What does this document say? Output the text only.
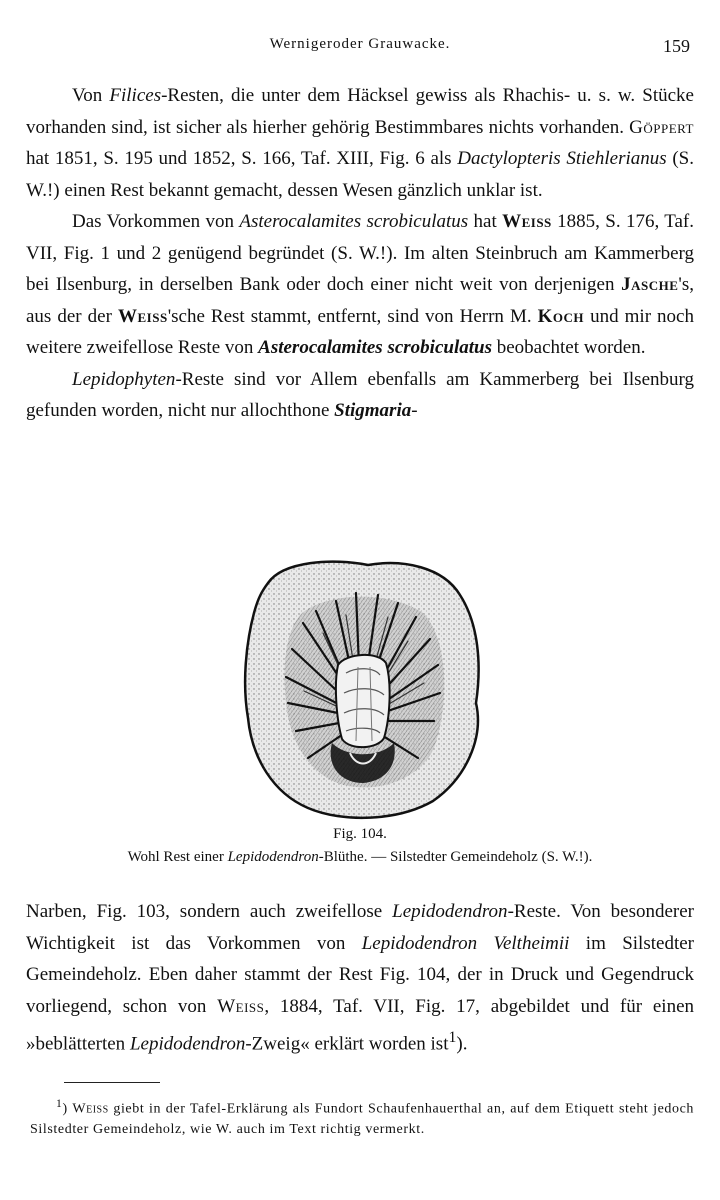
Wernigeroder Grauwacke.	159

Von Filices-Resten, die unter dem Häcksel gewiss als Rhachis- u. s. w. Stücke vorhanden sind, ist sicher als hierher gehörig Bestimmbares nichts vorhanden. Göppert hat 1851, S. 195 und 1852, S. 166, Taf. XIII, Fig. 6 als Dactylopteris Stiehlerianus (S. W.!) einen Rest bekannt gemacht, dessen Wesen gänzlich unklar ist.

Das Vorkommen von Asterocalamites scrobiculatus hat Weiss 1885, S. 176, Taf. VII, Fig. 1 und 2 genügend begründet (S. W.!). Im alten Steinbruch am Kammerberg bei Ilsenburg, in derselben Bank oder doch einer nicht weit von derjenigen Jasche's, aus der der Weiss'sche Rest stammt, entfernt, sind von Herrn M. Koch und mir noch weitere zweifellose Reste von Asterocalamites scrobiculatus beobachtet worden.

Lepidophyten-Reste sind vor Allem ebenfalls am Kammerberg bei Ilsenburg gefunden worden, nicht nur allochthone Stigmaria-

Fig. 104.
Wohl Rest einer Lepidodendron-Blüthe. — Silstedter Gemeindeholz (S. W.!).

Narben, Fig. 103, sondern auch zweifellose Lepidodendron-Reste. Von besonderer Wichtigkeit ist das Vorkommen von Lepidodendron Veltheimii im Silstedter Gemeindeholz. Eben daher stammt der Rest Fig. 104, der in Druck und Gegendruck vorliegend, schon von Weiss, 1884, Taf. VII, Fig. 17, abgebildet und für einen »beblätterten Lepidodendron-Zweig« erklärt worden ist$^1$).

$^1$) Weiss giebt in der Tafel-Erklärung als Fundort Schaufenhauerthal an, auf dem Etiquett steht jedoch Silstedter Gemeindeholz, wie W. auch im Text richtig vermerkt.
